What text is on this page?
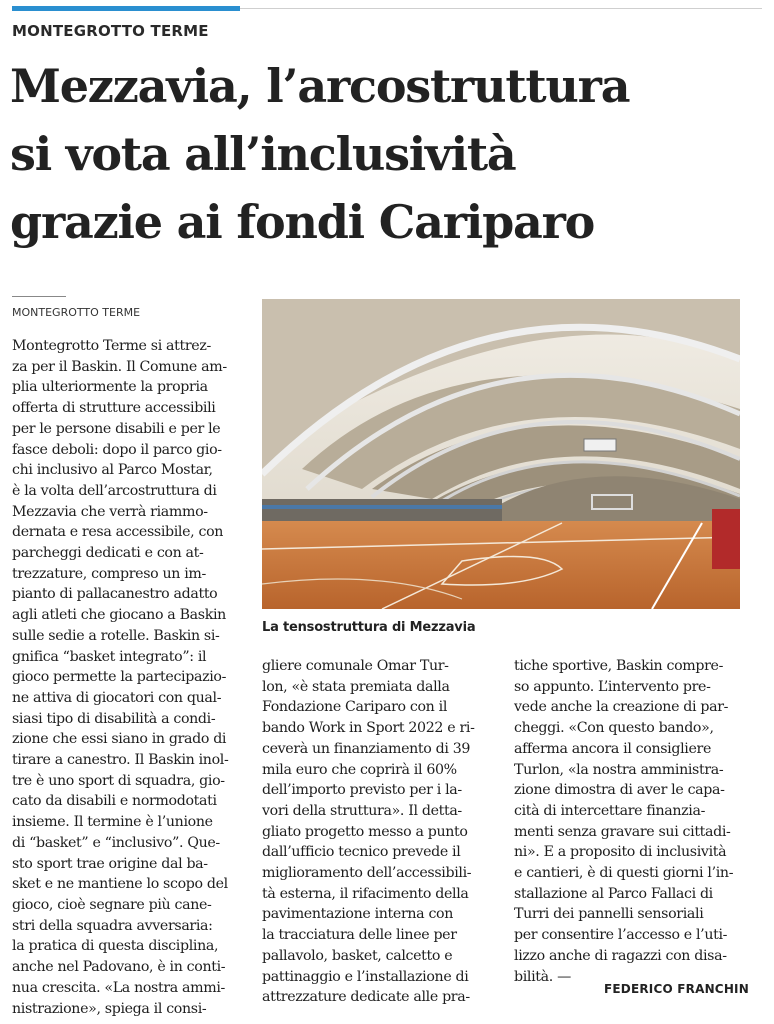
MONTEGROTTO TERME
Mezzavia, l’arcostruttura
si vota all’inclusività
grazie ai fondi Cariparo
MONTEGROTTO TERME
Montegrotto Terme si attrez-
za per il Baskin. Il Comune am-
plia ulteriormente la propria
offerta di strutture accessibili
per le persone disabili e per le
fasce deboli: dopo il parco gio-
chi inclusivo al Parco Mostar,
è la volta dell’arcostruttura di
Mezzavia che verrà riammo-
dernata e resa accessibile, con
parcheggi dedicati e con at-
trezzature, compreso un im-
pianto di pallacanestro adatto
agli atleti che giocano a Baskin
sulle sedie a rotelle. Baskin si-
gnifica “basket integrato”: il
gioco permette la partecipazio-
ne attiva di giocatori con qual-
siasi tipo di disabilità a condi-
zione che essi siano in grado di
tirare a canestro. Il Baskin inol-
tre è uno sport di squadra, gio-
cato da disabili e normodotati
insieme. Il termine è l’unione
di “basket” e “inclusivo”. Que-
sto sport trae origine dal ba-
sket e ne mantiene lo scopo del
gioco, cioè segnare più cane-
stri della squadra avversaria:
la pratica di questa disciplina,
anche nel Padovano, è in conti-
nua crescita. «La nostra ammi-
nistrazione», spiega il consi-
La tensostruttura di Mezzavia
gliere comunale Omar Tur-
lon, «è stata premiata dalla
Fondazione Cariparo con il
bando Work in Sport 2022 e ri-
ceverà un finanziamento di 39
mila euro che coprirà il 60%
dell’importo previsto per i la-
vori della struttura». Il detta-
gliato progetto messo a punto
dall’ufficio tecnico prevede il
miglioramento dell’accessibili-
tà esterna, il rifacimento della
pavimentazione interna con
la tracciatura delle linee per
pallavolo, basket, calcetto e
pattinaggio e l’installazione di
attrezzature dedicate alle pra-
tiche sportive, Baskin compre-
so appunto. L’intervento pre-
vede anche la creazione di par-
cheggi. «Con questo bando»,
afferma ancora il consigliere
Turlon, «la nostra amministra-
zione dimostra di aver le capa-
cità di intercettare finanzia-
menti senza gravare sui cittadi-
ni». E a proposito di inclusività
e cantieri, è di questi giorni l’in-
stallazione al Parco Fallaci di
Turri dei pannelli sensoriali
per consentire l’accesso e l’uti-
lizzo anche di ragazzi con disa-
bilità. —
FEDERICO FRANCHIN
